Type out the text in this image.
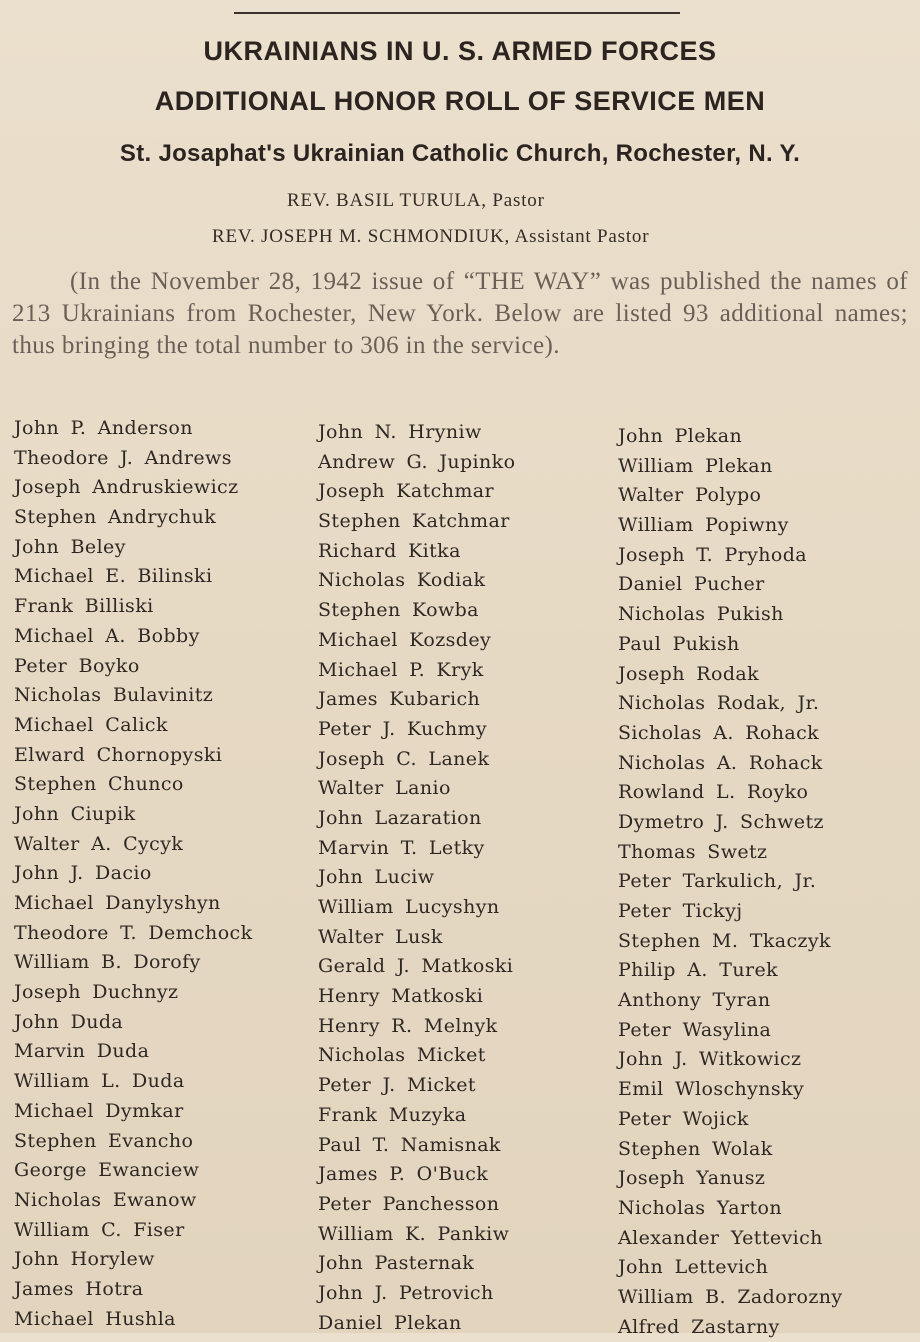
UKRAINIANS IN U. S. ARMED FORCES
ADDITIONAL HONOR ROLL OF SERVICE MEN
St. Josaphat's Ukrainian Catholic Church, Rochester, N. Y.
REV. BASIL TURULA, Pastor
REV. JOSEPH M. SCHMONDIUK, Assistant Pastor

(In the November 28, 1942 issue of “THE WAY” was published the names of 213 Ukrainians from Rochester, New York. Below are listed 93 additional names; thus bringing the total number to 306 in the service).

John P. Anderson
Theodore J. Andrews
Joseph Andruskiewicz
Stephen Andrychuk
John Beley
Michael E. Bilinski
Frank Billiski
Michael A. Bobby
Peter Boyko
Nicholas Bulavinitz
Michael Calick
Elward Chornopyski
Stephen Chunco
John Ciupik
Walter A. Cycyk
John J. Dacio
Michael Danylyshyn
Theodore T. Demchock
William B. Dorofy
Joseph Duchnyz
John Duda
Marvin Duda
William L. Duda
Michael Dymkar
Stephen Evancho
George Ewanciew
Nicholas Ewanow
William C. Fiser
John Horylew
James Hotra
Michael Hushla
John N. Hryniw
Andrew G. Jupinko
Joseph Katchmar
Stephen Katchmar
Richard Kitka
Nicholas Kodiak
Stephen Kowba
Michael Kozsdey
Michael P. Kryk
James Kubarich
Peter J. Kuchmy
Joseph C. Lanek
Walter Lanio
John Lazaration
Marvin T. Letky
John Luciw
William Lucyshyn
Walter Lusk
Gerald J. Matkoski
Henry Matkoski
Henry R. Melnyk
Nicholas Micket
Peter J. Micket
Frank Muzyka
Paul T. Namisnak
James P. O'Buck
Peter Panchesson
William K. Pankiw
John Pasternak
John J. Petrovich
Daniel Plekan
John Plekan
William Plekan
Walter Polypo
William Popiwny
Joseph T. Pryhoda
Daniel Pucher
Nicholas Pukish
Paul Pukish
Joseph Rodak
Nicholas Rodak, Jr.
Sicholas A. Rohack
Nicholas A. Rohack
Rowland L. Royko
Dymetro J. Schwetz
Thomas Swetz
Peter Tarkulich, Jr.
Peter Tickyj
Stephen M. Tkaczyk
Philip A. Turek
Anthony Tyran
Peter Wasylina
John J. Witkowicz
Emil Wloschynsky
Peter Wojick
Stephen Wolak
Joseph Yanusz
Nicholas Yarton
Alexander Yettevich
John Lettevich
William B. Zadorozny
Alfred Zastarny
